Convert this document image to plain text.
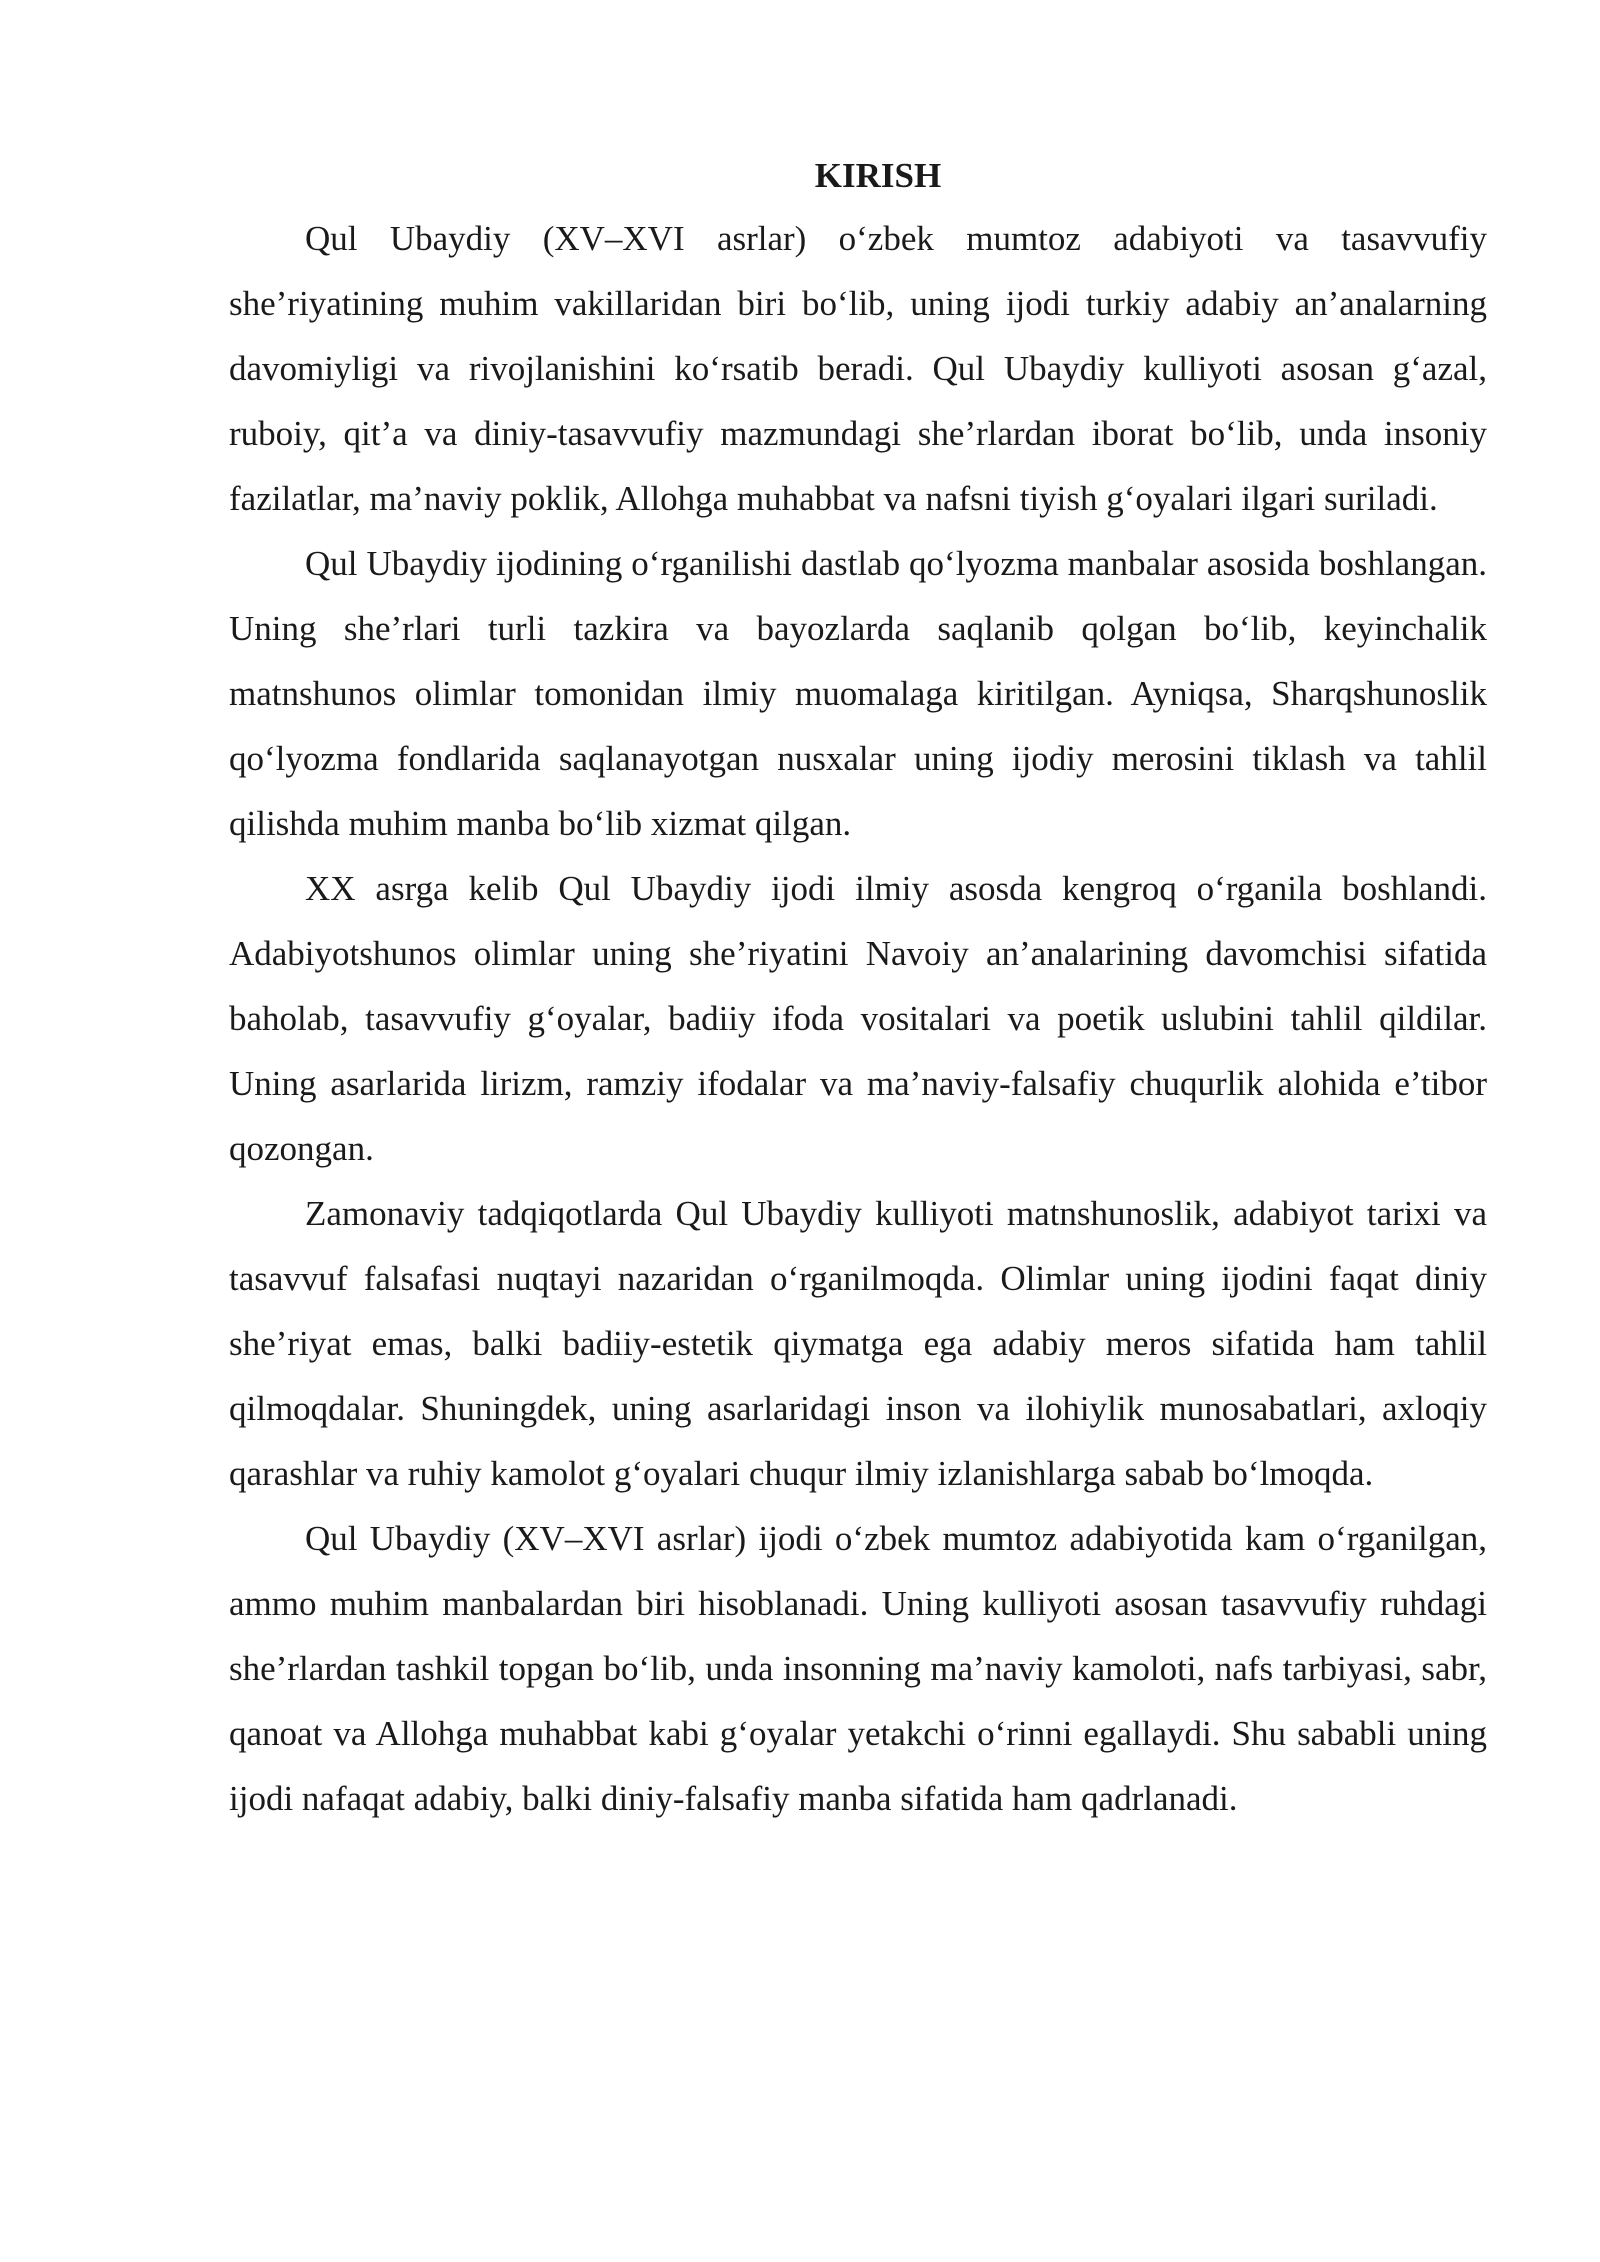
KIRISH

Qul Ubaydiy (XV–XVI asrlar) o‘zbek mumtoz adabiyoti va tasavvufiy she’riyatining muhim vakillaridan biri bo‘lib, uning ijodi turkiy adabiy an’analarning davomiyligi va rivojlanishini ko‘rsatib beradi. Qul Ubaydiy kulliyoti asosan g‘azal, ruboiy, qit’a va diniy-tasavvufiy mazmundagi she’rlardan iborat bo‘lib, unda insoniy fazilatlar, ma’naviy poklik, Allohga muhabbat va nafsni tiyish g‘oyalari ilgari suriladi.

Qul Ubaydiy ijodining o‘rganilishi dastlab qo‘lyozma manbalar asosida boshlangan. Uning she’rlari turli tazkira va bayozlarda saqlanib qolgan bo‘lib, keyinchalik matnshunos olimlar tomonidan ilmiy muomalaga kiritilgan. Ayniqsa, Sharqshunoslik qo‘lyozma fondlarida saqlanayotgan nusxalar uning ijodiy merosini tiklash va tahlil qilishda muhim manba bo‘lib xizmat qilgan.

XX asrga kelib Qul Ubaydiy ijodi ilmiy asosda kengroq o‘rganila boshlandi. Adabiyotshunos olimlar uning she’riyatini Navoiy an’analarining davomchisi sifatida baholab, tasavvufiy g‘oyalar, badiiy ifoda vositalari va poetik uslubini tahlil qildilar. Uning asarlarida lirizm, ramziy ifodalar va ma’naviy-falsafiy chuqurlik alohida e’tibor qozongan.

Zamonaviy tadqiqotlarda Qul Ubaydiy kulliyoti matnshunoslik, adabiyot tarixi va tasavvuf falsafasi nuqtayi nazaridan o‘rganilmoqda. Olimlar uning ijodini faqat diniy she’riyat emas, balki badiiy-estetik qiymatga ega adabiy meros sifatida ham tahlil qilmoqdalar. Shuningdek, uning asarlaridagi inson va ilohiylik munosabatlari, axloqiy qarashlar va ruhiy kamolot g‘oyalari chuqur ilmiy izlanishlarga sabab bo‘lmoqda.

Qul Ubaydiy (XV–XVI asrlar) ijodi o‘zbek mumtoz adabiyotida kam o‘rganilgan, ammo muhim manbalardan biri hisoblanadi. Uning kulliyoti asosan tasavvufiy ruhdagi she’rlardan tashkil topgan bo‘lib, unda insonning ma’naviy kamoloti, nafs tarbiyasi, sabr, qanoat va Allohga muhabbat kabi g‘oyalar yetakchi o‘rinni egallaydi. Shu sababli uning ijodi nafaqat adabiy, balki diniy-falsafiy manba sifatida ham qadrlanadi.
